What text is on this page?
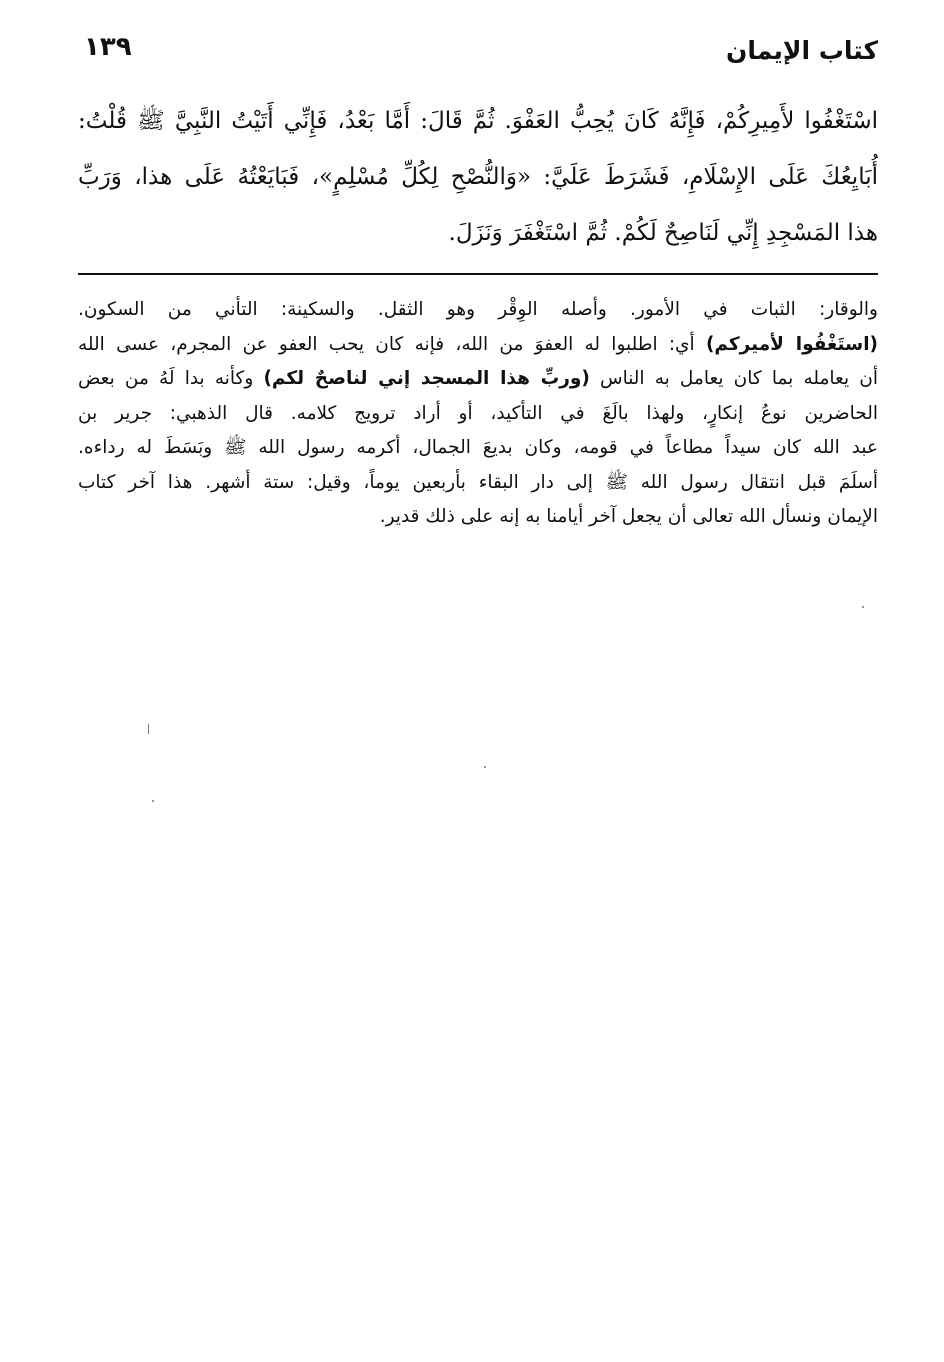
كتاب الإيمان
١٣٩
اسْتَغْفُوا لأَمِيرِكُمْ، فَإِنَّهُ كَانَ يُحِبُّ العَفْوَ. ثُمَّ قَالَ: أَمَّا بَعْدُ، فَإِنِّي أَتَيْتُ النَّبِيَّ ﷺ قُلْتُ:
أُبَايِعُكَ عَلَى الإِسْلَامِ، فَشَرَطَ عَلَيَّ: «وَالنُّصْحِ لِكُلِّ مُسْلِمٍ»، فَبَايَعْتُهُ عَلَى هذا، وَرَبِّ
هذا المَسْجِدِ إِنِّي لَنَاصِحٌ لَكُمْ. ثُمَّ اسْتَغْفَرَ وَنَزَلَ.
والوقار: الثبات في الأمور. وأصله الوِقْر وهو الثقل. والسكينة: التأني من السكون.
(استَغْفُوا لأميركم) أي: اطلبوا له العفوَ من الله، فإنه كان يحب العفو عن المجرم، عسى الله
أن يعامله بما كان يعامل به الناس (وربِّ هذا المسجد إني لناصحٌ لكم) وكأنه بدا لَهُ من بعض
الحاضرين نوعُ إنكارٍ، ولهذا بالَغَ في التأكيد، أو أراد ترويج كلامه. قال الذهبي: جرير بن
عبد الله كان سيداً مطاعاً في قومه، وكان بديعَ الجمال، أكرمه رسول الله ﷺ وبَسَطَ له رداءه.
أسلَمَ قبل انتقال رسول الله ﷺ إلى دار البقاء بأربعين يوماً، وقيل: ستة أشهر. هذا آخر كتاب
الإيمان ونسأل الله تعالى أن يجعل آخر أيامنا به إنه على ذلك قدير.
